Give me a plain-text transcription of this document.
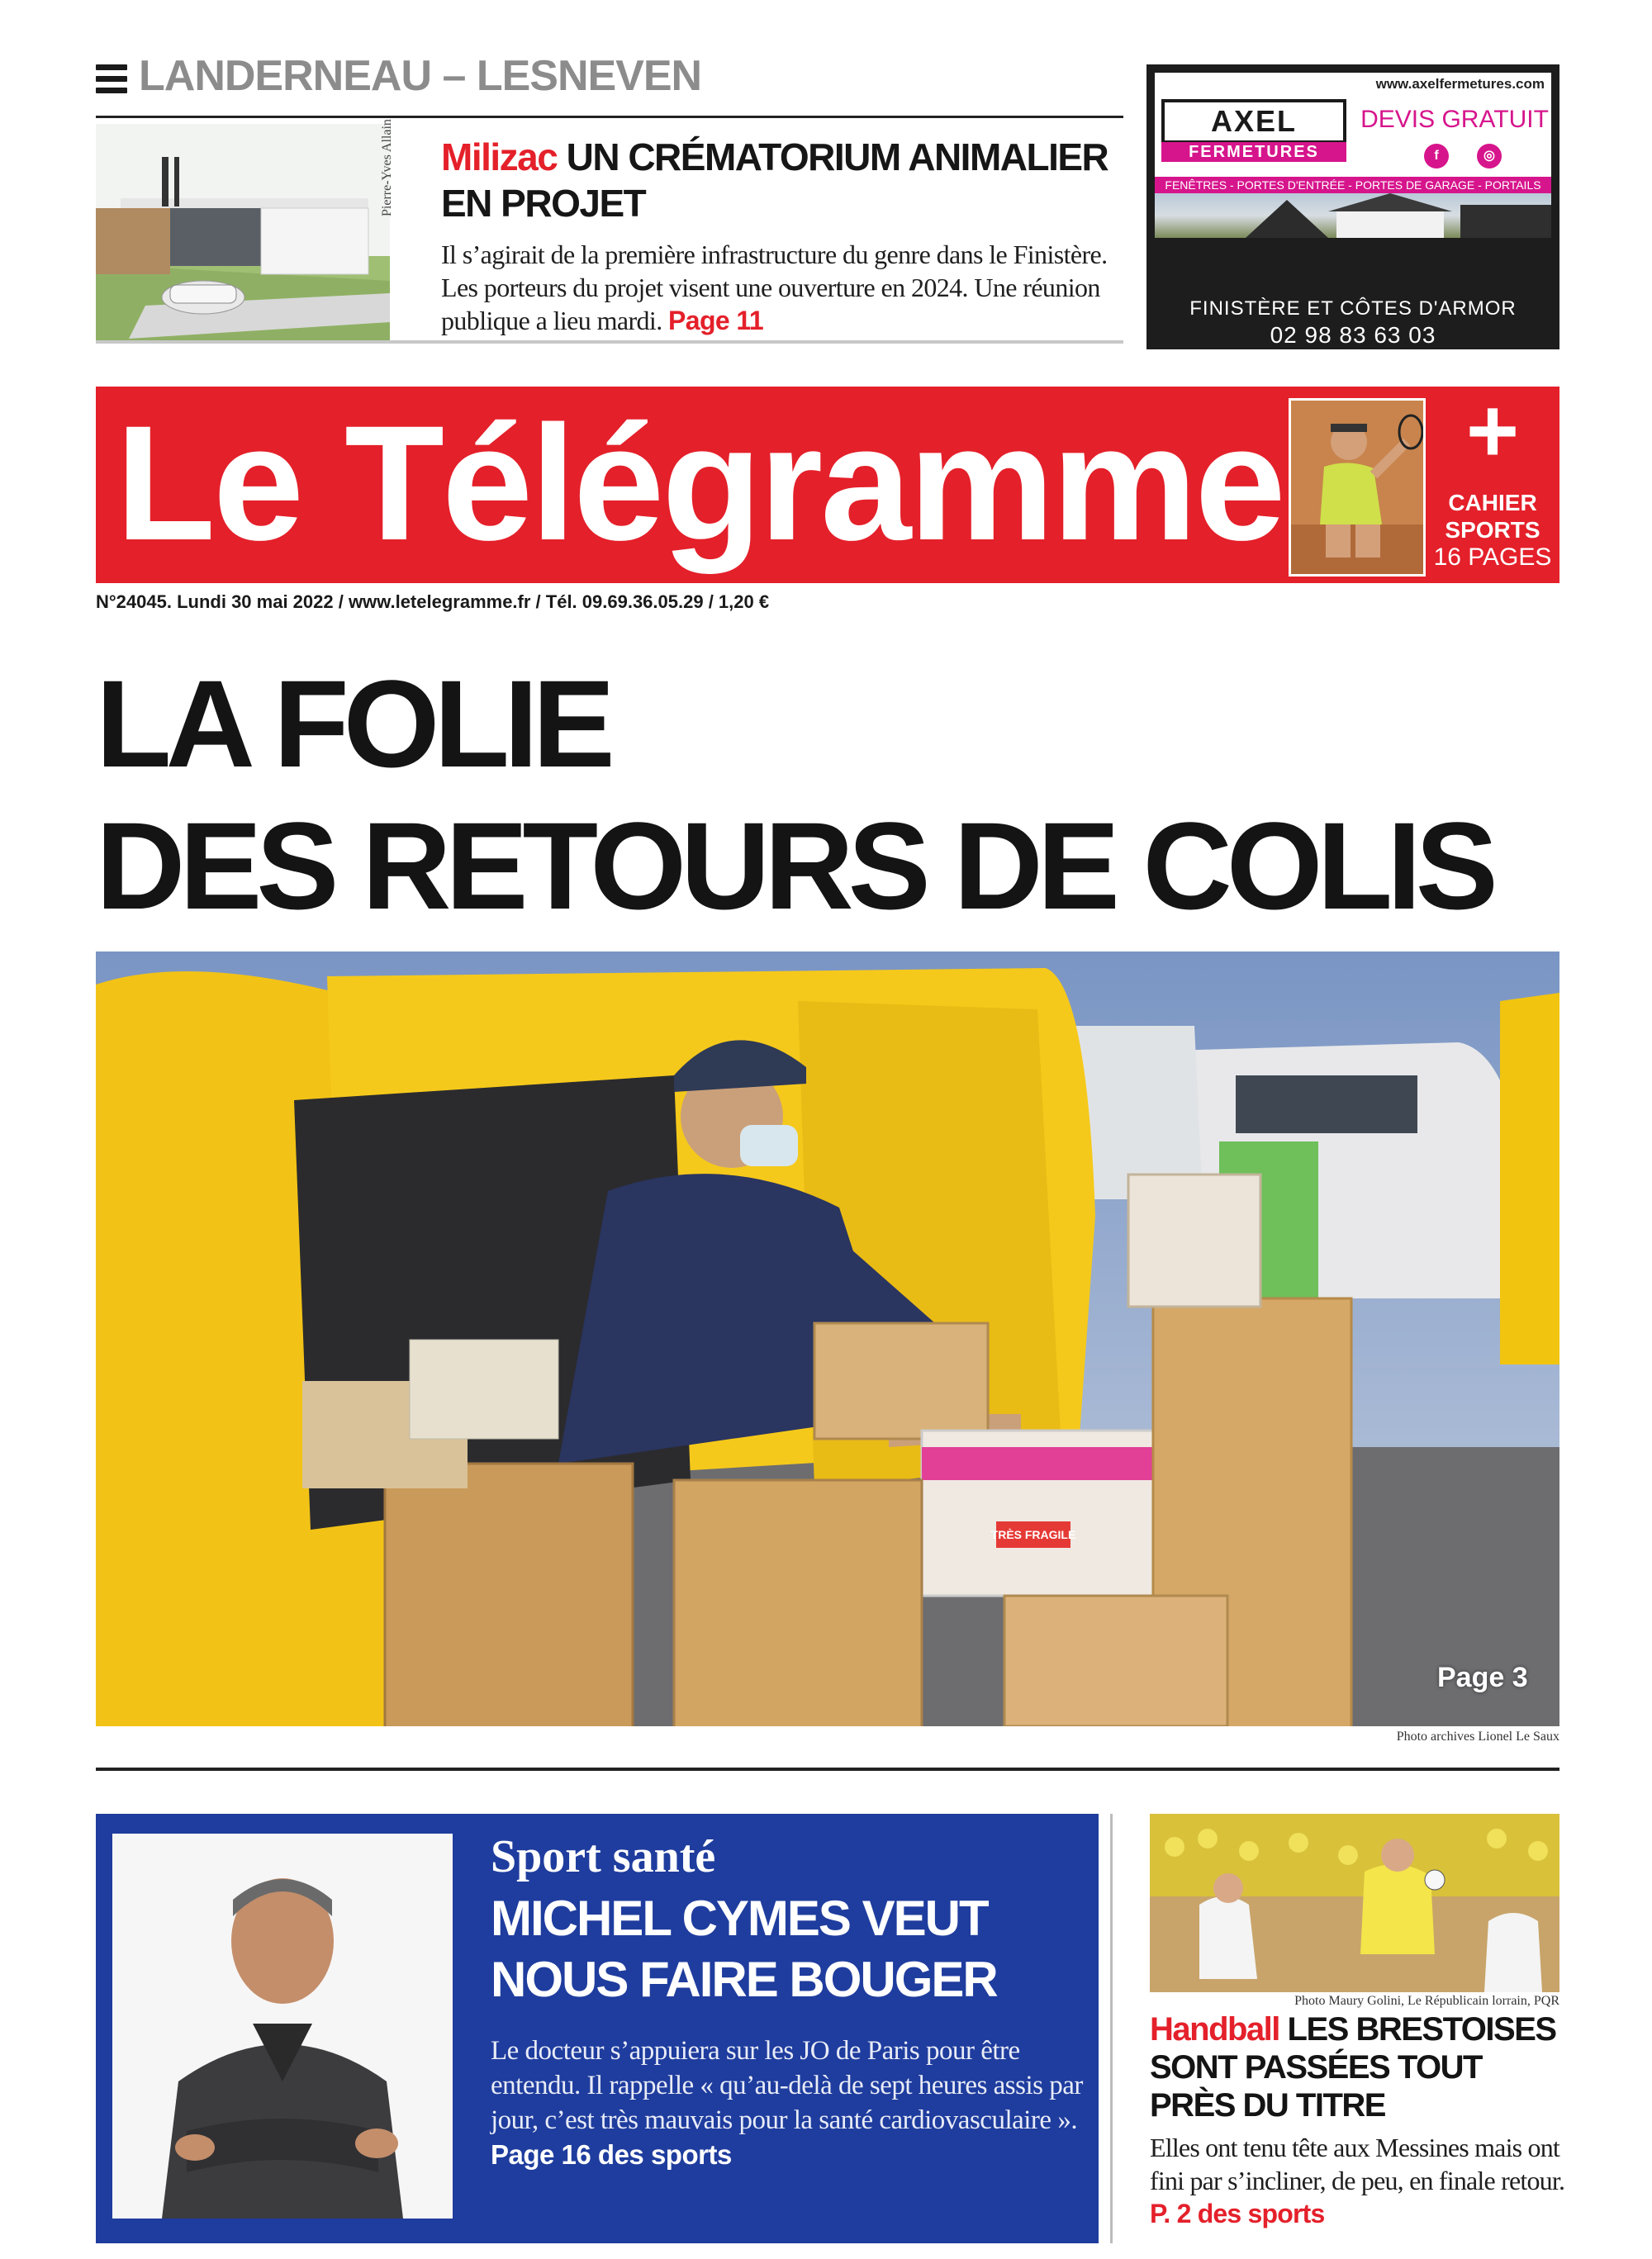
LANDERNEAU – LESNEVEN
Pierre-Yves Allain Milizac UN CRÉMATORIUM ANIMALIER EN PROJET
Il s’agirait de la première infrastructure du genre dans le Finistère. Les porteurs du projet visent une ouverture en 2024. Une réunion publique a lieu mardi. Page 11
www.axelfermetures.com
AXEL
FERMETURES
DEVIS GRATUIT
f	◎
FENÊTRES - PORTES D'ENTRÉE - PORTES DE GARAGE - PORTAILS
FINISTÈRE ET CÔTES D'ARMOR
02 98 83 63 03
Le Télégramme	+
CAHIER
SPORTS
16 PAGES
N°24045. Lundi 30 mai 2022 / www.letelegramme.fr / Tél. 09.69.36.05.29 / 1,20 €
LA FOLIE
DES RETOURS DE COLIS
TRÈS FRAGILE
Page 3
Photo archives Lionel Le Saux
Sport santé
MICHEL CYMES VEUT NOUS FAIRE BOUGER
Le docteur s’appuiera sur les JO de Paris pour être entendu. Il rappelle « qu’au-delà de sept heures assis par jour, c’est très mauvais pour la santé cardiovasculaire ». Page 16 des sports
Photo Maury Golini, Le Républicain lorrain, PQR
Handball LES BRESTOISES SONT PASSÉES TOUT PRÈS DU TITRE
Elles ont tenu tête aux Messines mais ont fini par s’incliner, de peu, en finale retour. P. 2 des sports
